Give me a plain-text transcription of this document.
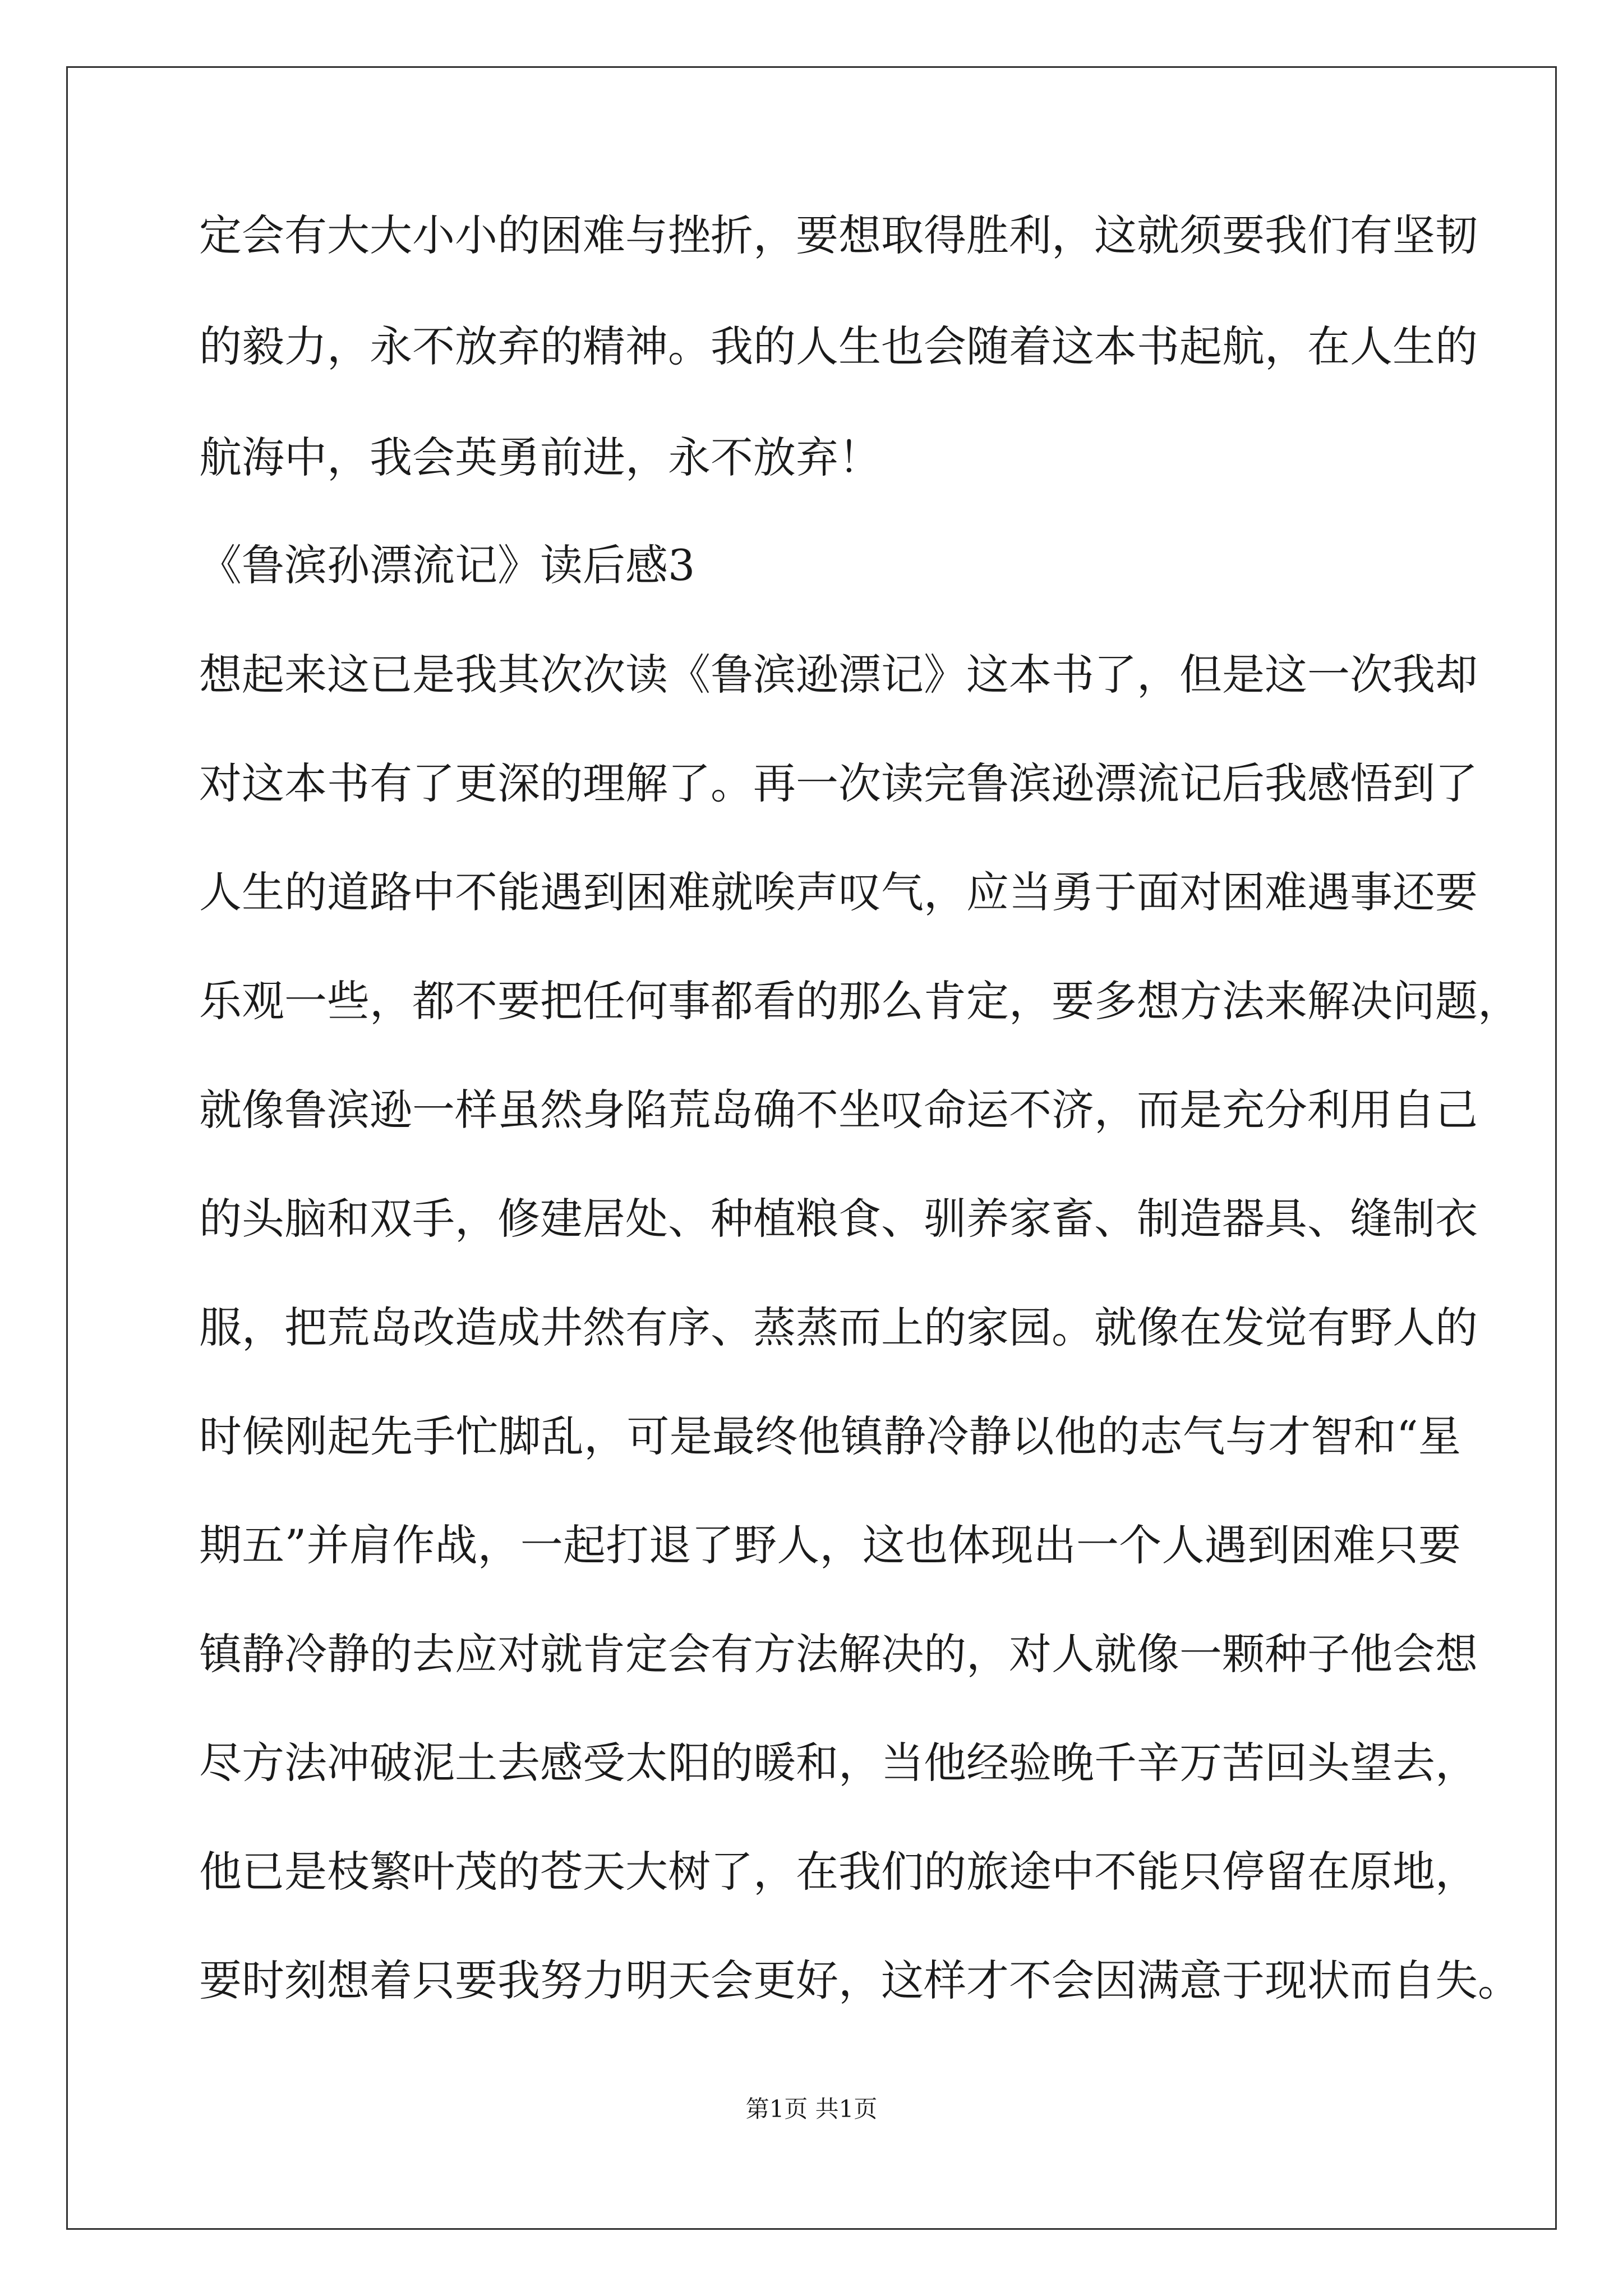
定会有大大小小的困难与挫折，要想取得胜利，这就须要我们有坚韧
的毅力，永不放弃的精神。我的人生也会随着这本书起航，在人生的
航海中，我会英勇前进，永不放弃！
《鲁滨孙漂流记》读后感3
想起来这已是我其次次读《鲁滨逊漂记》这本书了，但是这一次我却
对这本书有了更深的理解了。再一次读完鲁滨逊漂流记后我感悟到了
人生的道路中不能遇到困难就唉声叹气，应当勇于面对困难遇事还要
乐观一些，都不要把任何事都看的那么肯定，要多想方法来解决问题，
就像鲁滨逊一样虽然身陷荒岛确不坐叹命运不济，而是充分利用自己
的头脑和双手，修建居处、种植粮食、驯养家畜、制造器具、缝制衣
服，把荒岛改造成井然有序、蒸蒸而上的家园。就像在发觉有野人的
时候刚起先手忙脚乱，可是最终他镇静冷静以他的志气与才智和“星
期五”并肩作战，一起打退了野人，这也体现出一个人遇到困难只要
镇静冷静的去应对就肯定会有方法解决的，对人就像一颗种子他会想
尽方法冲破泥土去感受太阳的暖和，当他经验晚千辛万苦回头望去，
他已是枝繁叶茂的苍天大树了，在我们的旅途中不能只停留在原地，
要时刻想着只要我努力明天会更好，这样才不会因满意于现状而自失。
第1页 共1页
